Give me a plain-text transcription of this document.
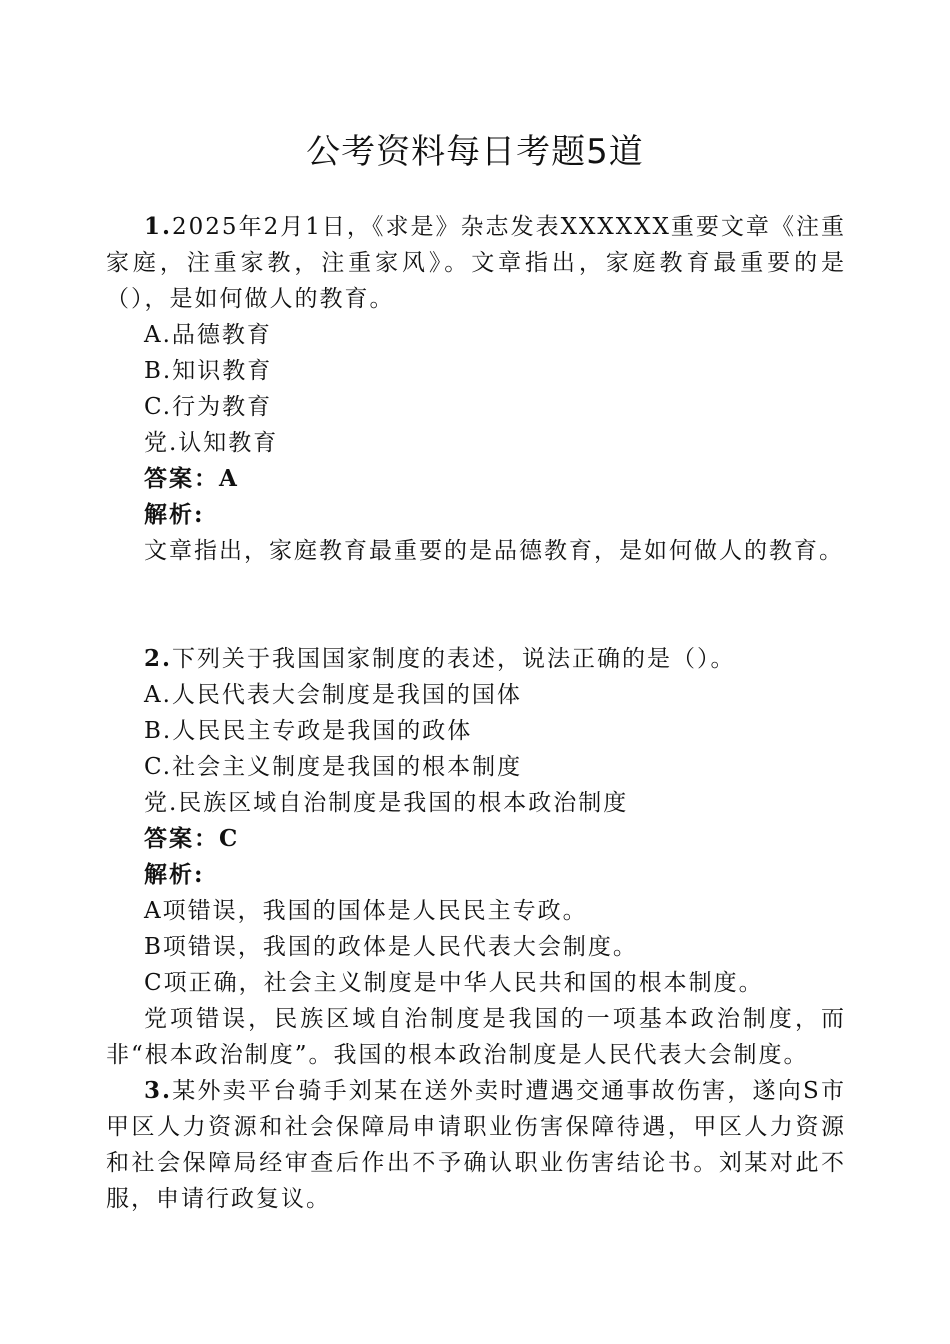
公考资料每日考题5道

1.2025年2月1日，《求是》杂志发表XXXXXX重要文章《注重家庭，注重家教，注重家风》。文章指出，家庭教育最重要的是（），是如何做人的教育。

A.品德教育

B.知识教育

C.行为教育

党.认知教育

答案：A

解析:

文章指出，家庭教育最重要的是品德教育，是如何做人的教育。

2.下列关于我国国家制度的表述，说法正确的是（）。

A.人民代表大会制度是我国的国体

B.人民民主专政是我国的政体

C.社会主义制度是我国的根本制度

党.民族区域自治制度是我国的根本政治制度

答案：C

解析:

A项错误，我国的国体是人民民主专政。

B项错误，我国的政体是人民代表大会制度。

C项正确，社会主义制度是中华人民共和国的根本制度。

党项错误，民族区域自治制度是我国的一项基本政治制度，而非“根本政治制度”。我国的根本政治制度是人民代表大会制度。

3.某外卖平台骑手刘某在送外卖时遭遇交通事故伤害，遂向S市甲区人力资源和社会保障局申请职业伤害保障待遇，甲区人力资源和社会保障局经审查后作出不予确认职业伤害结论书。刘某对此不服，申请行政复议。
